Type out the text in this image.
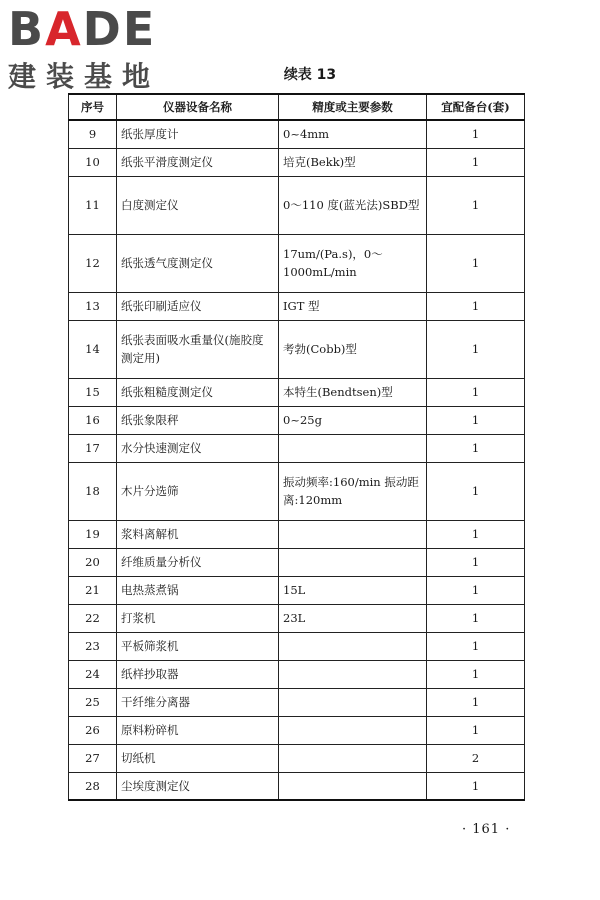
BADE
建装基地	续表 13
序号	仪器设备名称	精度或主要参数	宜配备台(套)
9	纸张厚度计	0~4mm	1
10	纸张平滑度测定仪	培克(Bekk)型	1
11	白度测定仪	0～110 度(蓝光法)SBD型	1
12	纸张透气度测定仪	17um/(Pa.s)，0～1000mL/min	1
13	纸张印刷适应仪	IGT 型	1
14	纸张表面吸水重量仪(施胶度测定用)	考勃(Cobb)型	1
15	纸张粗糙度测定仪	本特生(Bendtsen)型	1
16	纸张象限秤	0~25g	1
17	水分快速测定仪		1
18	木片分选筛	振动频率:160/min 振动距离:120mm	1
19	浆料离解机		1
20	纤维质量分析仪		1
21	电热蒸煮锅	15L	1
22	打浆机	23L	1
23	平板筛浆机		1
24	纸样抄取器		1
25	干纤维分离器		1
26	原料粉碎机		1
27	切纸机		2
28	尘埃度测定仪		1
· 161 ·
